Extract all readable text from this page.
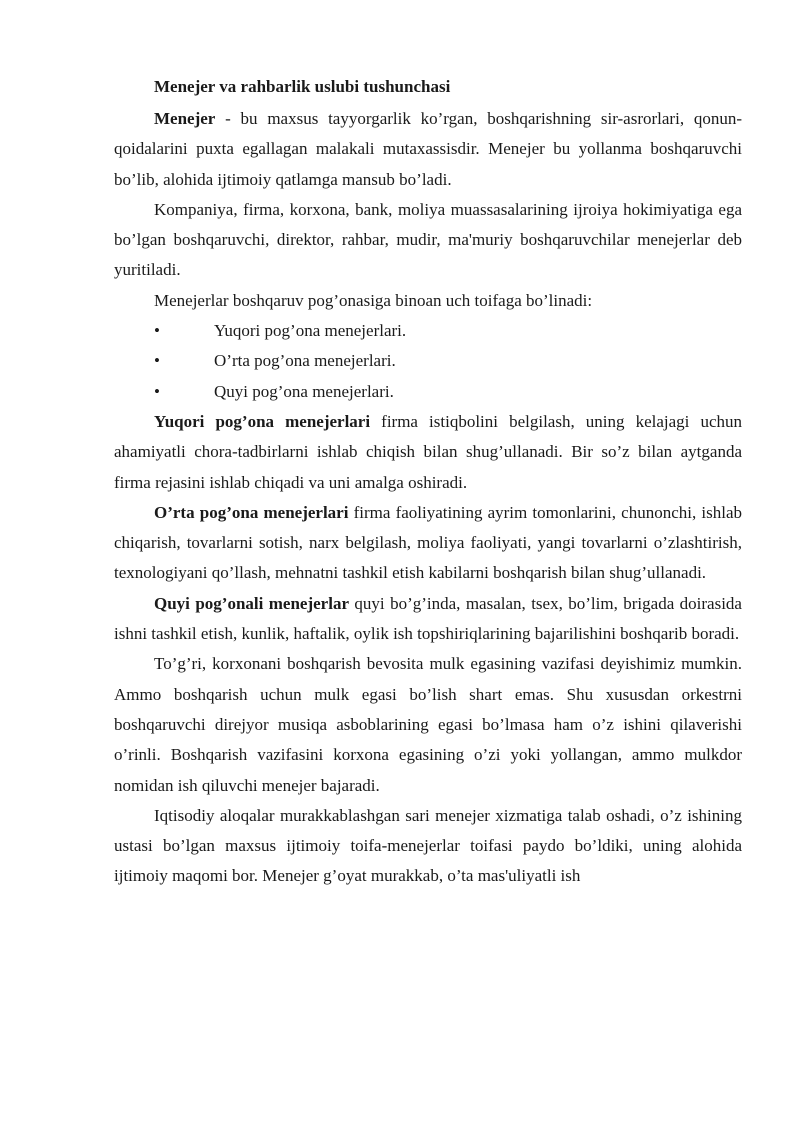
Menejer va rahbarlik uslubi tushunchasi

Menejer - bu maxsus tayyorgarlik ko’rgan, boshqarishning sir-asrorlari, qonun-qoidalarini puxta egallagan malakali mutaxassisdir. Menejer bu yollanma boshqaruvchi bo’lib, alohida ijtimoiy qatlamga mansub bo’ladi.

Kompaniya, firma, korxona, bank, moliya muassasalarining ijroiya hokimiyatiga ega bo’lgan boshqaruvchi, direktor, rahbar, mudir, ma'muriy boshqaruvchilar menejerlar deb yuritiladi.

Menejerlar boshqaruv pog’onasiga binoan uch toifaga bo’linadi:

•	Yuqori pog’ona menejerlari.
•	O’rta pog’ona menejerlari.
•	Quyi pog’ona menejerlari.

Yuqori pog’ona menejerlari firma istiqbolini belgilash, uning kelajagi uchun ahamiyatli chora-tadbirlarni ishlab chiqish bilan shug’ullanadi. Bir so’z bilan aytganda firma rejasini ishlab chiqadi va uni amalga oshiradi.

O’rta pog’ona menejerlari firma faoliyatining ayrim tomonlarini, chunonchi, ishlab chiqarish, tovarlarni sotish, narx belgilash, moliya faoliyati, yangi tovarlarni o’zlashtirish, texnologiyani qo’llash, mehnatni tashkil etish kabilarni boshqarish bilan shug’ullanadi.

Quyi pog’onali menejerlar quyi bo’g’inda, masalan, tsex, bo’lim, brigada doirasida ishni tashkil etish, kunlik, haftalik, oylik ish topshiriqlarining bajarilishini boshqarib boradi.

To’g’ri, korxonani boshqarish bevosita mulk egasining vazifasi deyishimiz mumkin. Ammo boshqarish uchun mulk egasi bo’lish shart emas. Shu xususdan orkestrni boshqaruvchi direjyor musiqa asboblarining egasi bo’lmasa ham o’z ishini qilaverishi o’rinli. Boshqarish vazifasini korxona egasining o’zi yoki yollangan, ammo mulkdor nomidan ish qiluvchi menejer bajaradi.

Iqtisodiy aloqalar murakkablashgan sari menejer xizmatiga talab oshadi, o’z ishining ustasi bo’lgan maxsus ijtimoiy toifa-menejerlar toifasi paydo bo’ldiki, uning alohida ijtimoiy maqomi bor. Menejer g’oyat murakkab, o’ta mas'uliyatli ish
